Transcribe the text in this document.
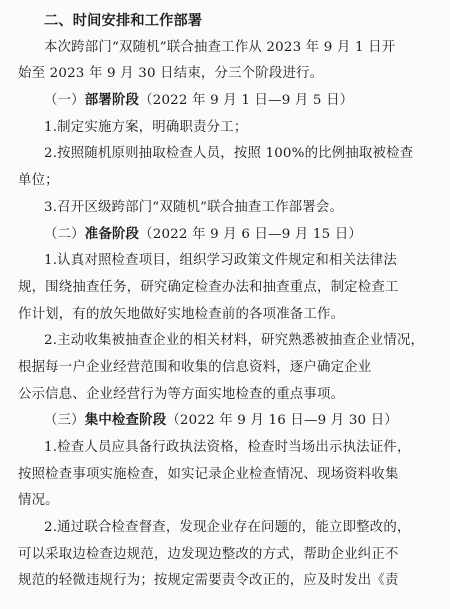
二、时间安排和工作部署
本次跨部门“双随机”联合抽查工作从 2023 年 9 月 1 日开
始至 2023 年 9 月 30 日结束，分三个阶段进行。
（一）部署阶段（2022 年 9 月 1 日—9 月 5 日）
1.制定实施方案，明确职责分工；
2.按照随机原则抽取检查人员，按照 100%的比例抽取被检查
单位；
3.召开区级跨部门“双随机”联合抽查工作部署会。
（二）准备阶段（2022 年 9 月 6 日—9 月 15 日）
1.认真对照检查项目，组织学习政策文件规定和相关法律法
规，围绕抽查任务，研究确定检查办法和抽查重点，制定检查工
作计划，有的放矢地做好实地检查前的各项准备工作。
2.主动收集被抽查企业的相关材料，研究熟悉被抽查企业情况，
根据每一户企业经营范围和收集的信息资料，逐户确定企业
公示信息、企业经营行为等方面实地检查的重点事项。
（三）集中检查阶段（2022 年 9 月 16 日—9 月 30 日）
1.检查人员应具备行政执法资格，检查时当场出示执法证件，
按照检查事项实施检查，如实记录企业检查情况、现场资料收集
情况。
2.通过联合检查督查，发现企业存在问题的，能立即整改的，
可以采取边检查边规范，边发现边整改的方式，帮助企业纠正不
规范的轻微违规行为；按规定需要责令改正的，应及时发出《责
